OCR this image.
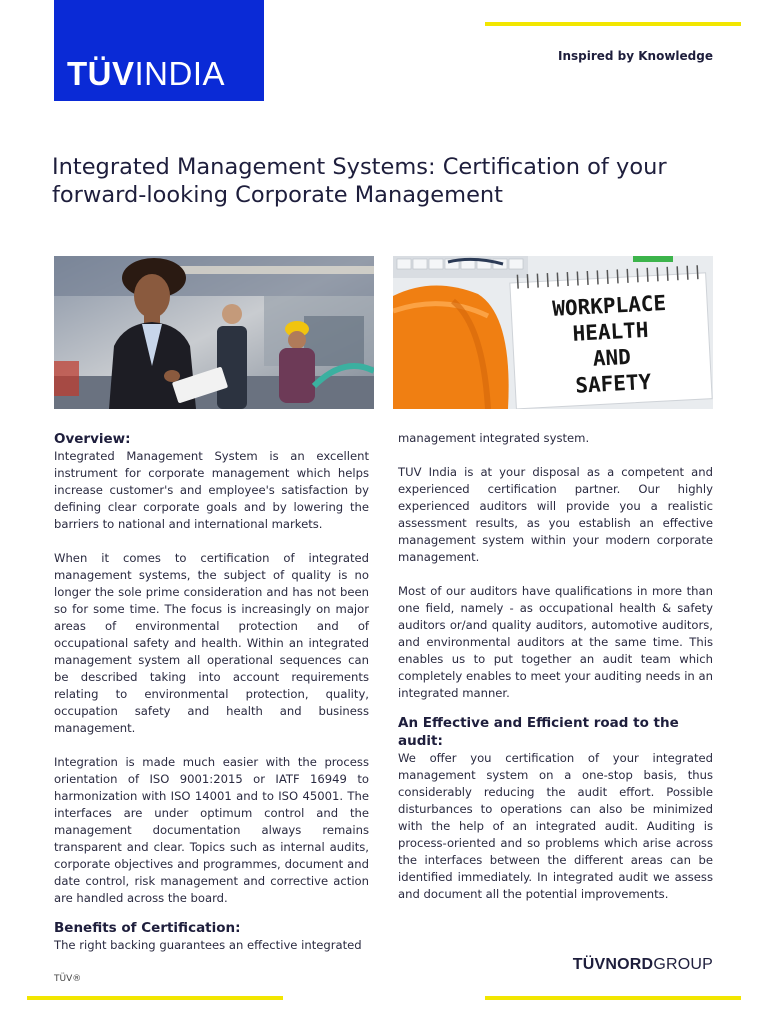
TÜVINDIA	Inspired by Knowledge
Integrated Management Systems: Certification of your
forward-looking Corporate Management
WORKPLACE
HEALTH
AND
SAFETY
Overview:

Integrated Management System is an excellent instrument for corporate management which helps increase customer's and employee's satisfaction by defining clear corporate goals and by lowering the barriers to national and international markets.

When it comes to certification of integrated management systems, the subject of quality is no longer the sole prime consideration and has not been so for some time. The focus is increasingly on major areas of environmental protection and of occupational safety and health. Within an integrated management system all operational sequences can be described taking into account requirements relating to environmental protection, quality, occupation safety and health and business management.

Integration is made much easier with the process orientation of ISO 9001:2015 or IATF 16949 to harmonization with ISO 14001 and to ISO 45001. The interfaces are under optimum control and the management documentation always remains transparent and clear. Topics such as internal audits, corporate objectives and programmes, document and date control, risk management and corrective action are handled across the board.

Benefits of Certification:

The right backing guarantees an effective integrated

management integrated system.

TUV India is at your disposal as a competent and experienced certification partner. Our highly experienced auditors will provide you a realistic assessment results, as you establish an effective management system within your modern corporate management.

Most of our auditors have qualifications in more than one field, namely - as occupational health & safety auditors or/and quality auditors, automotive auditors, and environmental auditors at the same time. This enables us to put together an audit team which completely enables to meet your auditing needs in an integrated manner.

An Effective and Efficient road to the audit:

We offer you certification of your integrated management system on a one-stop basis, thus considerably reducing the audit effort. Possible disturbances to operations can also be minimized with the help of an integrated audit. Auditing is process-oriented and so problems which arise across the interfaces between the different areas can be identified immediately. In integrated audit we assess and document all the potential improvements.

TÜV®
TÜVNORDGROUP
